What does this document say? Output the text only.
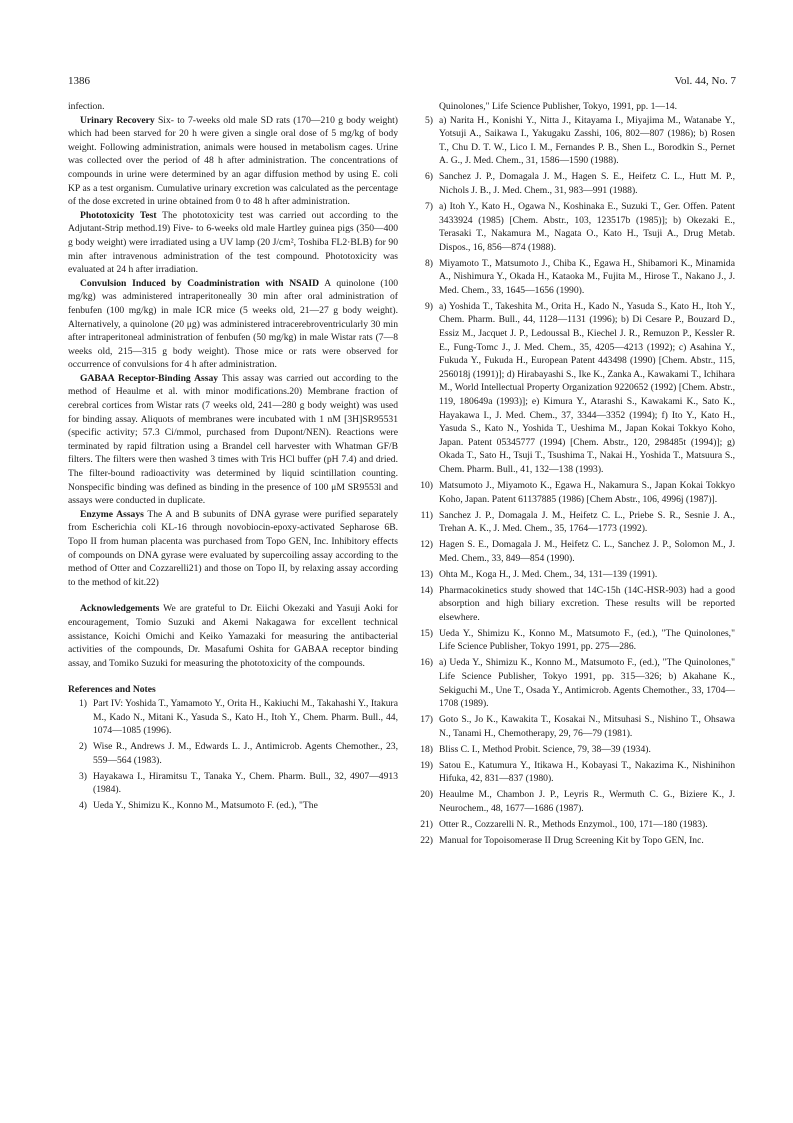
1386	Vol. 44, No. 7

infection.

Urinary Recovery Six- to 7-weeks old male SD rats (170—210 g body weight) which had been starved for 20 h were given a single oral dose of 5 mg/kg of body weight. Following administration, animals were housed in metabolism cages. Urine was collected over the period of 48 h after administration. The concentrations of compounds in urine were determined by an agar diffusion method by using E. coli KP as a test organism. Cumulative urinary excretion was calculated as the percentage of the dose excreted in urine obtained from 0 to 48 h after administration.

Phototoxicity Test The phototoxicity test was carried out according to the Adjutant-Strip method.19) Five- to 6-weeks old male Hartley guinea pigs (350—400 g body weight) were irradiated using a UV lamp (20 J/cm², Toshiba FL2·BLB) for 90 min after intravenous administration of the test compound. Phototoxicity was evaluated at 24 h after irradiation.

Convulsion Induced by Coadministration with NSAID A quinolone (100 mg/kg) was administered intraperitoneally 30 min after oral administration of fenbufen (100 mg/kg) in male ICR mice (5 weeks old, 21—27 g body weight). Alternatively, a quinolone (20 μg) was administered intracerebroventricularly 30 min after intraperitoneal administration of fenbufen (50 mg/kg) in male Wistar rats (7—8 weeks old, 215—315 g body weight). Those mice or rats were observed for occurrence of convulsions for 4 h after administration.

GABAA Receptor-Binding Assay This assay was carried out according to the method of Heaulme et al. with minor modifications.20) Membrane fraction of cerebral cortices from Wistar rats (7 weeks old, 241—280 g body weight) was used for binding assay. Aliquots of membranes were incubated with 1 nM [3H]SR95531 (specific activity; 57.3 Ci/mmol, purchased from Dupont/NEN). Reactions were terminated by rapid filtration using a Brandel cell harvester with Whatman GF/B filters. The filters were then washed 3 times with Tris HCl buffer (pH 7.4) and dried. The filter-bound radioactivity was determined by liquid scintillation counting. Nonspecific binding was defined as binding in the presence of 100 μM SR9553l and assays were conducted in duplicate.

Enzyme Assays The A and B subunits of DNA gyrase were purified separately from Escherichia coli KL-16 through novobiocin-epoxy-activated Sepharose 6B. Topo II from human placenta was purchased from Topo GEN, Inc. Inhibitory effects of compounds on DNA gyrase were evaluated by supercoiling assay according to the method of Otter and Cozzarelli21) and those on Topo II, by relaxing assay according to the method of kit.22)

Acknowledgements We are grateful to Dr. Eiichi Okezaki and Yasuji Aoki for encouragement, Tomio Suzuki and Akemi Nakagawa for excellent technical assistance, Koichi Omichi and Keiko Yamazaki for measuring the antibacterial activities of the compounds, Dr. Masafumi Oshita for GABAA receptor binding assay, and Tomiko Suzuki for measuring the phototoxicity of the compounds.

References and Notes

1) Part IV: Yoshida T., Yamamoto Y., Orita H., Kakiuchi M., Takahashi Y., Itakura M., Kado N., Mitani K., Yasuda S., Kato H., Itoh Y., Chem. Pharm. Bull., 44, 1074—1085 (1996).
2) Wise R., Andrews J. M., Edwards L. J., Antimicrob. Agents Chemother., 23, 559—564 (1983).
3) Hayakawa I., Hiramitsu T., Tanaka Y., Chem. Pharm. Bull., 32, 4907—4913 (1984).
4) Ueda Y., Shimizu K., Konno M., Matsumoto F. (ed.), "The

Quinolones," Life Science Publisher, Tokyo, 1991, pp. 1—14.

5) a) Narita H., Konishi Y., Nitta J., Kitayama I., Miyajima M., Watanabe Y., Yotsuji A., Saikawa I., Yakugaku Zasshi, 106, 802—807 (1986); b) Rosen T., Chu D. T. W., Lico I. M., Fernandes P. B., Shen L., Borodkin S., Pernet A. G., J. Med. Chem., 31, 1586—1590 (1988).
6) Sanchez J. P., Domagala J. M., Hagen S. E., Heifetz C. L., Hutt M. P., Nichols J. B., J. Med. Chem., 31, 983—991 (1988).
7) a) Itoh Y., Kato H., Ogawa N., Koshinaka E., Suzuki T., Ger. Offen. Patent 3433924 (1985) [Chem. Abstr., 103, 123517b (1985)]; b) Okezaki E., Terasaki T., Nakamura M., Nagata O., Kato H., Tsuji A., Drug Metab. Dispos., 16, 856—874 (1988).
8) Miyamoto T., Matsumoto J., Chiba K., Egawa H., Shibamori K., Minamida A., Nishimura Y., Okada H., Kataoka M., Fujita M., Hirose T., Nakano J., J. Med. Chem., 33, 1645—1656 (1990).
9) a) Yoshida T., Takeshita M., Orita H., Kado N., Yasuda S., Kato H., Itoh Y., Chem. Pharm. Bull., 44, 1128—1131 (1996); b) Di Cesare P., Bouzard D., Essiz M., Jacquet J. P., Ledoussal B., Kiechel J. R., Remuzon P., Kessler R. E., Fung-Tomc J., J. Med. Chem., 35, 4205—4213 (1992); c) Asahina Y., Fukuda Y., Fukuda H., European Patent 443498 (1990) [Chem. Abstr., 115, 256018j (1991)]; d) Hirabayashi S., Ike K., Zanka A., Kawakami T., Ichihara M., World Intellectual Property Organization 9220652 (1992) [Chem. Abstr., 119, 180649a (1993)]; e) Kimura Y., Atarashi S., Kawakami K., Sato K., Hayakawa I., J. Med. Chem., 37, 3344—3352 (1994); f) Ito Y., Kato H., Yasuda S., Kato N., Yoshida T., Ueshima M., Japan Kokai Tokkyo Koho, Japan. Patent 05345777 (1994) [Chem. Abstr., 120, 298485t (1994)]; g) Okada T., Sato H., Tsuji T., Tsushima T., Nakai H., Yoshida T., Matsuura S., Chem. Pharm. Bull., 41, 132—138 (1993).
10) Matsumoto J., Miyamoto K., Egawa H., Nakamura S., Japan Kokai Tokkyo Koho, Japan. Patent 61137885 (1986) [Chem Abstr., 106, 4996j (1987)].
11) Sanchez J. P., Domagala J. M., Heifetz C. L., Priebe S. R., Sesnie J. A., Trehan A. K., J. Med. Chem., 35, 1764—1773 (1992).
12) Hagen S. E., Domagala J. M., Heifetz C. L., Sanchez J. P., Solomon M., J. Med. Chem., 33, 849—854 (1990).
13) Ohta M., Koga H., J. Med. Chem., 34, 131—139 (1991).
14) Pharmacokinetics study showed that 14C-15h (14C-HSR-903) had a good absorption and high biliary excretion. These results will be reported elsewhere.
15) Ueda Y., Shimizu K., Konno M., Matsumoto F., (ed.), "The Quinolones," Life Science Publisher, Tokyo 1991, pp. 275—286.
16) a) Ueda Y., Shimizu K., Konno M., Matsumoto F., (ed.), "The Quinolones," Life Science Publisher, Tokyo 1991, pp. 315—326; b) Akahane K., Sekiguchi M., Une T., Osada Y., Antimicrob. Agents Chemother., 33, 1704—1708 (1989).
17) Goto S., Jo K., Kawakita T., Kosakai N., Mitsuhasi S., Nishino T., Ohsawa N., Tanami H., Chemotherapy, 29, 76—79 (1981).
18) Bliss C. I., Method Probit. Science, 79, 38—39 (1934).
19) Satou E., Katumura Y., Itikawa H., Kobayasi T., Nakazima K., Nishinihon Hifuka, 42, 831—837 (1980).
20) Heaulme M., Chambon J. P., Leyris R., Wermuth C. G., Biziere K., J. Neurochem., 48, 1677—1686 (1987).
21) Otter R., Cozzarelli N. R., Methods Enzymol., 100, 171—180 (1983).
22) Manual for Topoisomerase II Drug Screening Kit by Topo GEN, Inc.
